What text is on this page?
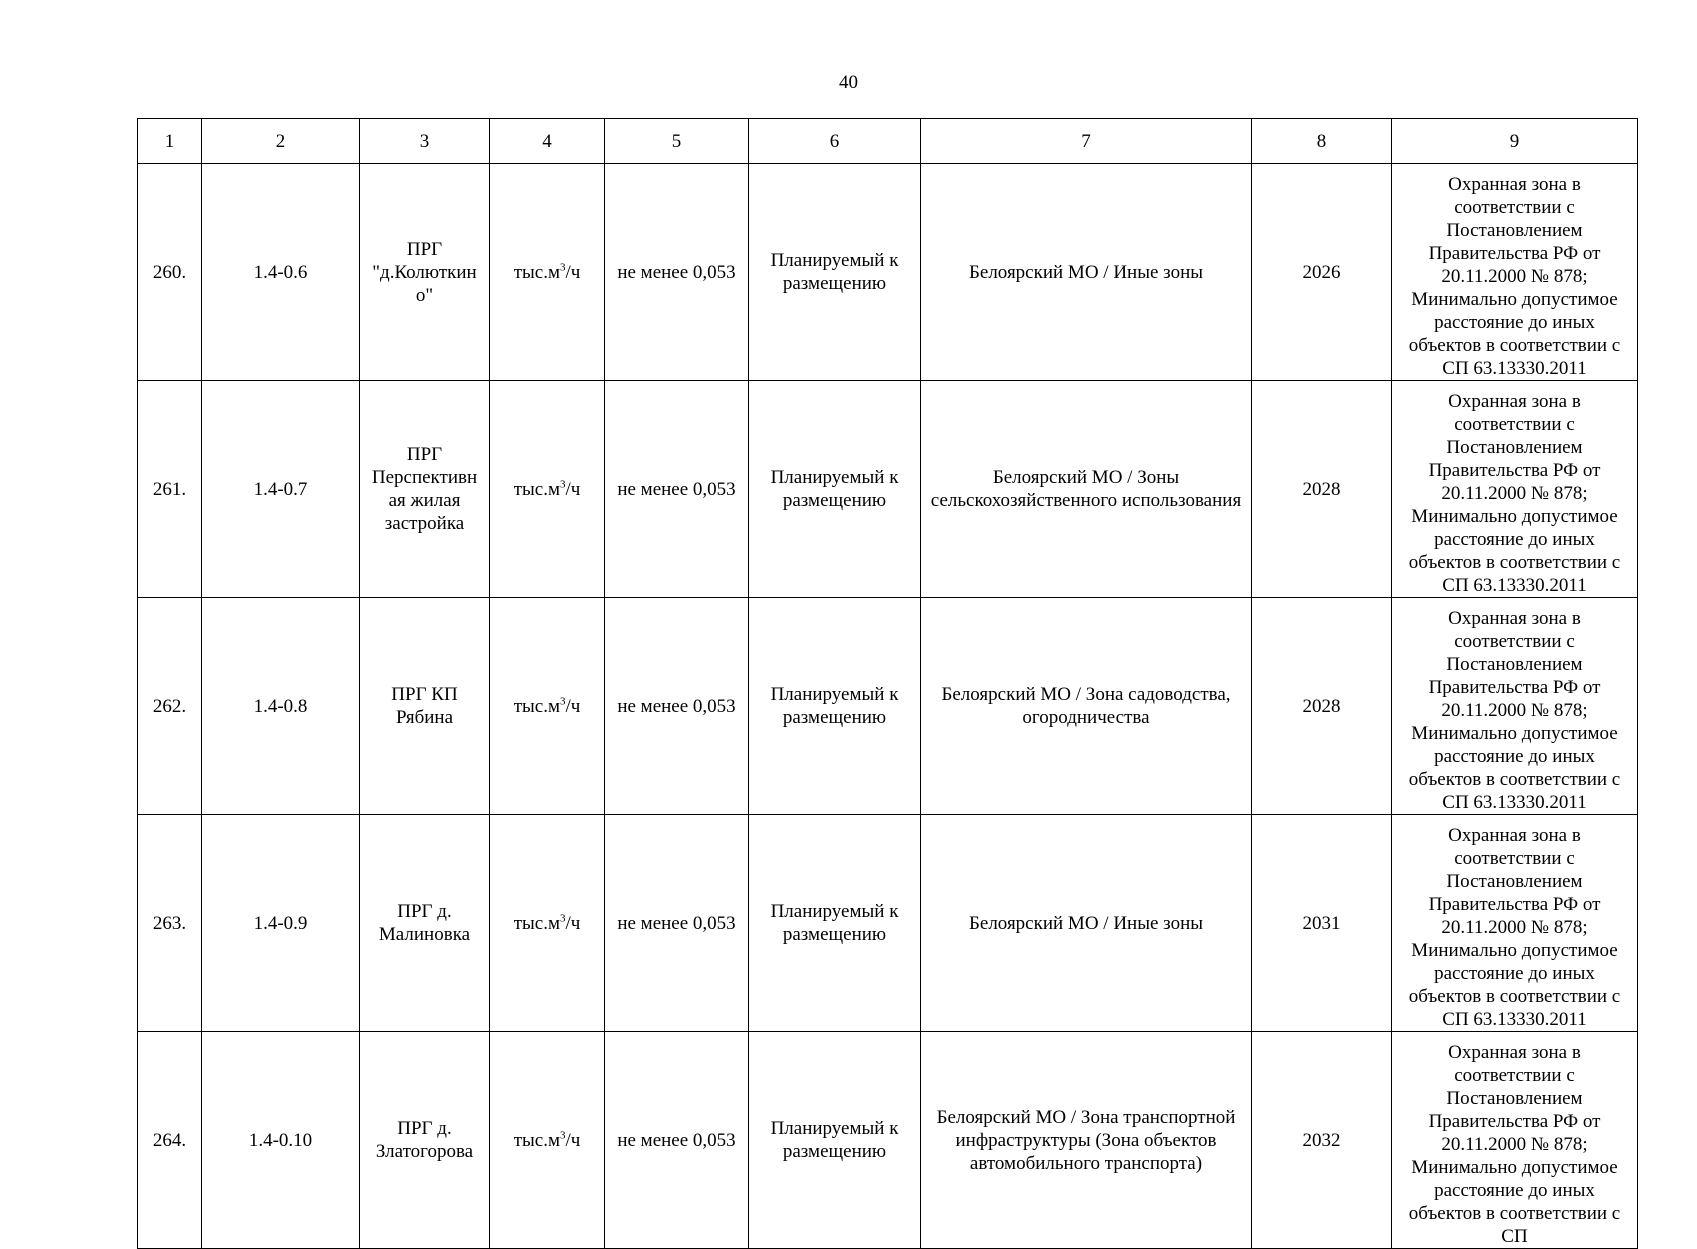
40
1	2	3	4	5	6	7	8	9
260.	1.4-0.6	ПРГ "д.Колюткин о"	$тыс.м^3/ч$	не менее 0,053	Планируемый к размещению	Белоярский МО / Иные зоны	2026	Охранная зона в соответствии с Постановлением Правительства РФ от 20.11.2000 № 878; Минимально допустимое расстояние до иных объектов в соответствии с СП 63.13330.2011

261.	1.4-0.7	ПРГ Перспективн ая жилая застройка	$тыс.м^3/ч$	не менее 0,053	Планируемый к размещению	Белоярский МО / Зоны сельскохозяйственного использования	2028	Охранная зона в соответствии с Постановлением Правительства РФ от 20.11.2000 № 878; Минимально допустимое расстояние до иных объектов в соответствии с СП 63.13330.2011

262.	1.4-0.8	ПРГ КП Рябина	$тыс.м^3/ч$	не менее 0,053	Планируемый к размещению	Белоярский МО / Зона садоводства, огородничества	2028	Охранная зона в соответствии с Постановлением Правительства РФ от 20.11.2000 № 878; Минимально допустимое расстояние до иных объектов в соответствии с СП 63.13330.2011

263.	1.4-0.9	ПРГ д. Малиновка	$тыс.м^3/ч$	не менее 0,053	Планируемый к размещению	Белоярский МО / Иные зоны	2031	Охранная зона в соответствии с Постановлением Правительства РФ от 20.11.2000 № 878; Минимально допустимое расстояние до иных объектов в соответствии с СП 63.13330.2011

264.	1.4-0.10	ПРГ д. Златогорова	$тыс.м^3/ч$	не менее 0,053	Планируемый к размещению	Белоярский МО / Зона транспортной инфраструктуры (Зона объектов автомобильного транспорта)	2032	Охранная зона в соответствии с Постановлением Правительства РФ от 20.11.2000 № 878; Минимально допустимое расстояние до иных объектов в соответствии с СП
